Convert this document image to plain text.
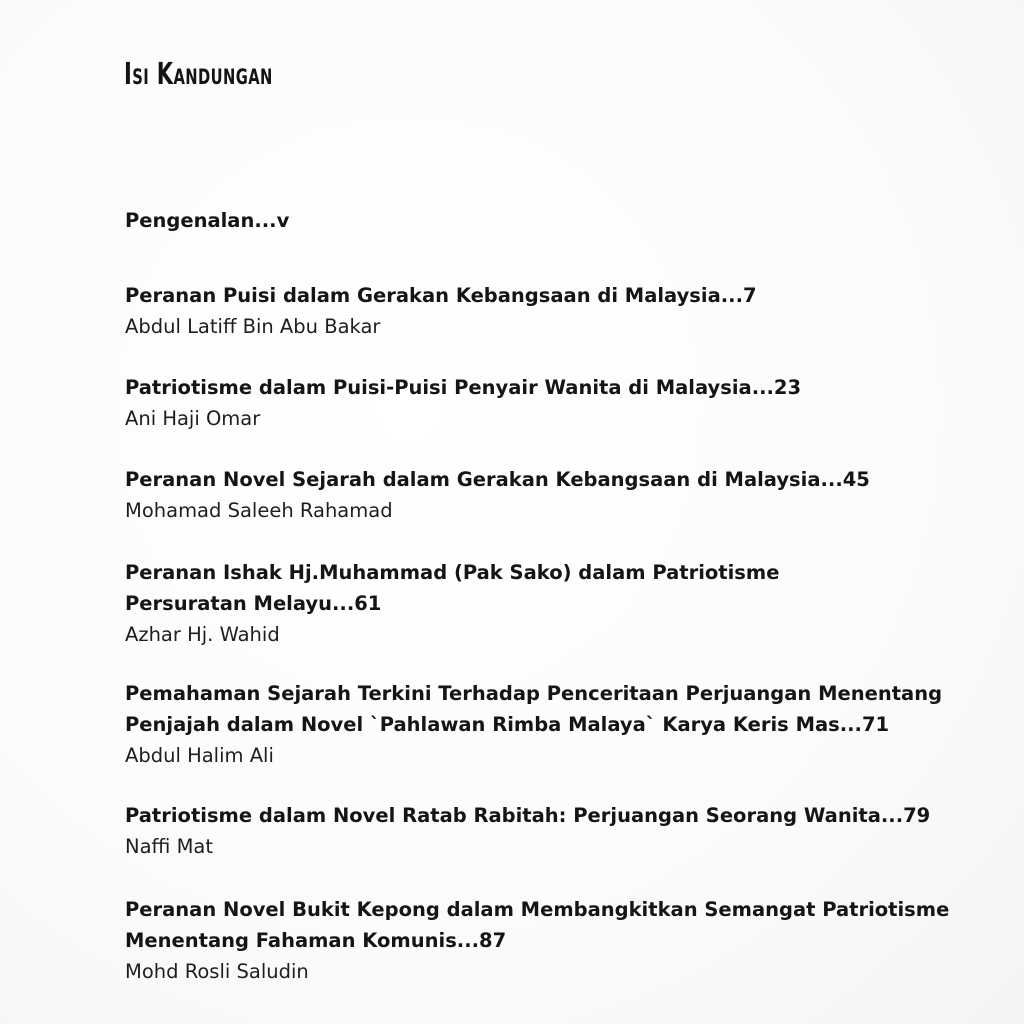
Isi Kandungan

Pengenalan...v

Peranan Puisi dalam Gerakan Kebangsaan di Malaysia...7

Abdul Latiff Bin Abu Bakar

Patriotisme dalam Puisi-Puisi Penyair Wanita di Malaysia...23

Ani Haji Omar

Peranan Novel Sejarah dalam Gerakan Kebangsaan di Malaysia...45

Mohamad Saleeh Rahamad

Peranan Ishak Hj.Muhammad (Pak Sako) dalam Patriotisme

Persuratan Melayu...61

Azhar Hj. Wahid

Pemahaman Sejarah Terkini Terhadap Penceritaan Perjuangan Menentang

Penjajah dalam Novel `Pahlawan Rimba Malaya` Karya Keris Mas...71

Abdul Halim Ali

Patriotisme dalam Novel Ratab Rabitah: Perjuangan Seorang Wanita...79

Naffi Mat

Peranan Novel Bukit Kepong dalam Membangkitkan Semangat Patriotisme

Menentang Fahaman Komunis...87

Mohd Rosli Saludin
